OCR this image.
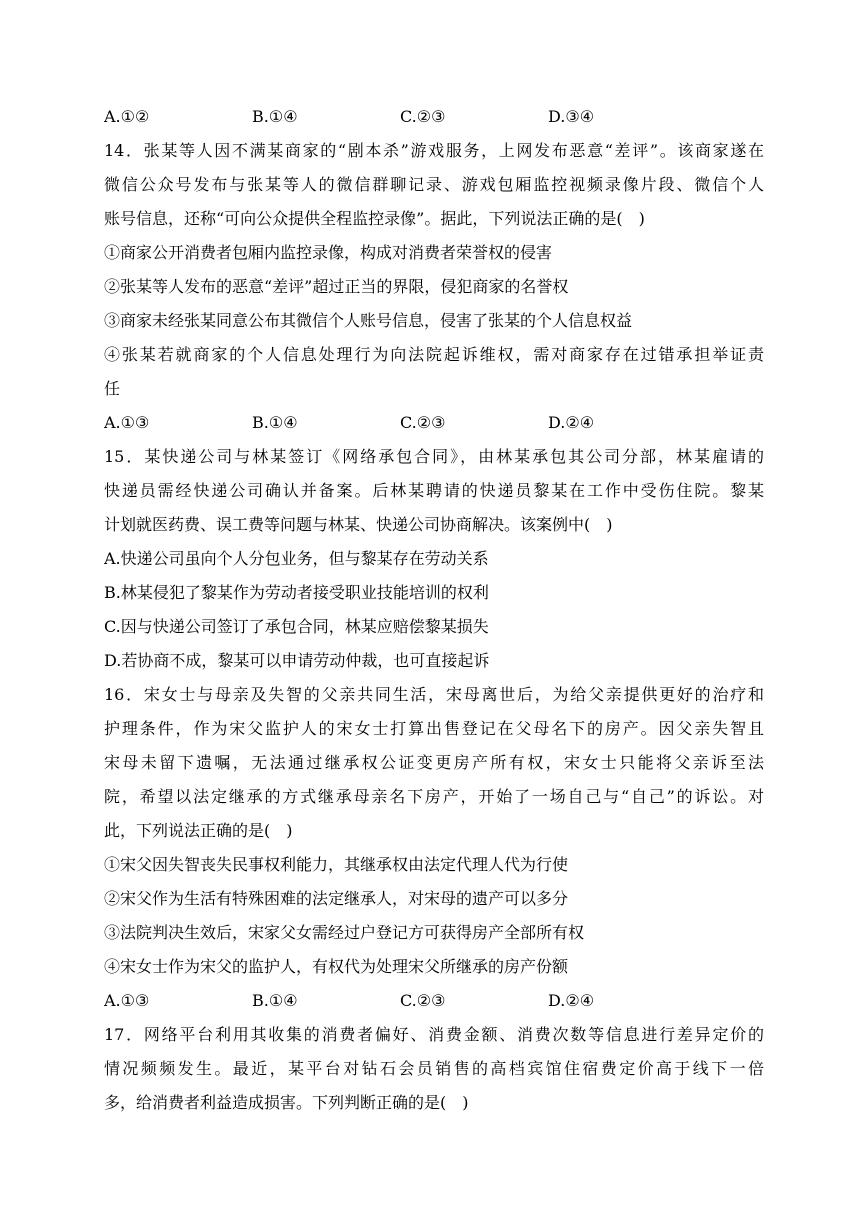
A.①②	B.①④	C.②③	D.③④
14．张某等人因不满某商家的“剧本杀”游戏服务，上网发布恶意“差评”。该商家遂在
微信公众号发布与张某等人的微信群聊记录、游戏包厢监控视频录像片段、微信个人
账号信息，还称“可向公众提供全程监控录像”。据此，下列说法正确的是(　)
①商家公开消费者包厢内监控录像，构成对消费者荣誉权的侵害
②张某等人发布的恶意“差评”超过正当的界限，侵犯商家的名誉权
③商家未经张某同意公布其微信个人账号信息，侵害了张某的个人信息权益
④张某若就商家的个人信息处理行为向法院起诉维权，需对商家存在过错承担举证责
任
A.①③	B.①④	C.②③	D.②④
15．某快递公司与林某签订《网络承包合同》，由林某承包其公司分部，林某雇请的
快递员需经快递公司确认并备案。后林某聘请的快递员黎某在工作中受伤住院。黎某
计划就医药费、误工费等问题与林某、快递公司协商解决。该案例中(　)
A.快递公司虽向个人分包业务，但与黎某存在劳动关系
B.林某侵犯了黎某作为劳动者接受职业技能培训的权利
C.因与快递公司签订了承包合同，林某应赔偿黎某损失
D.若协商不成，黎某可以申请劳动仲裁，也可直接起诉
16．宋女士与母亲及失智的父亲共同生活，宋母离世后，为给父亲提供更好的治疗和
护理条件，作为宋父监护人的宋女士打算出售登记在父母名下的房产。因父亲失智且
宋母未留下遗嘱，无法通过继承权公证变更房产所有权，宋女士只能将父亲诉至法
院，希望以法定继承的方式继承母亲名下房产，开始了一场自己与“自己”的诉讼。对
此，下列说法正确的是(　)
①宋父因失智丧失民事权利能力，其继承权由法定代理人代为行使
②宋父作为生活有特殊困难的法定继承人，对宋母的遗产可以多分
③法院判决生效后，宋家父女需经过户登记方可获得房产全部所有权
④宋女士作为宋父的监护人，有权代为处理宋父所继承的房产份额
A.①③	B.①④	C.②③	D.②④
17．网络平台利用其收集的消费者偏好、消费金额、消费次数等信息进行差异定价的
情况频频发生。最近，某平台对钻石会员销售的高档宾馆住宿费定价高于线下一倍
多，给消费者利益造成损害。下列判断正确的是(　)
